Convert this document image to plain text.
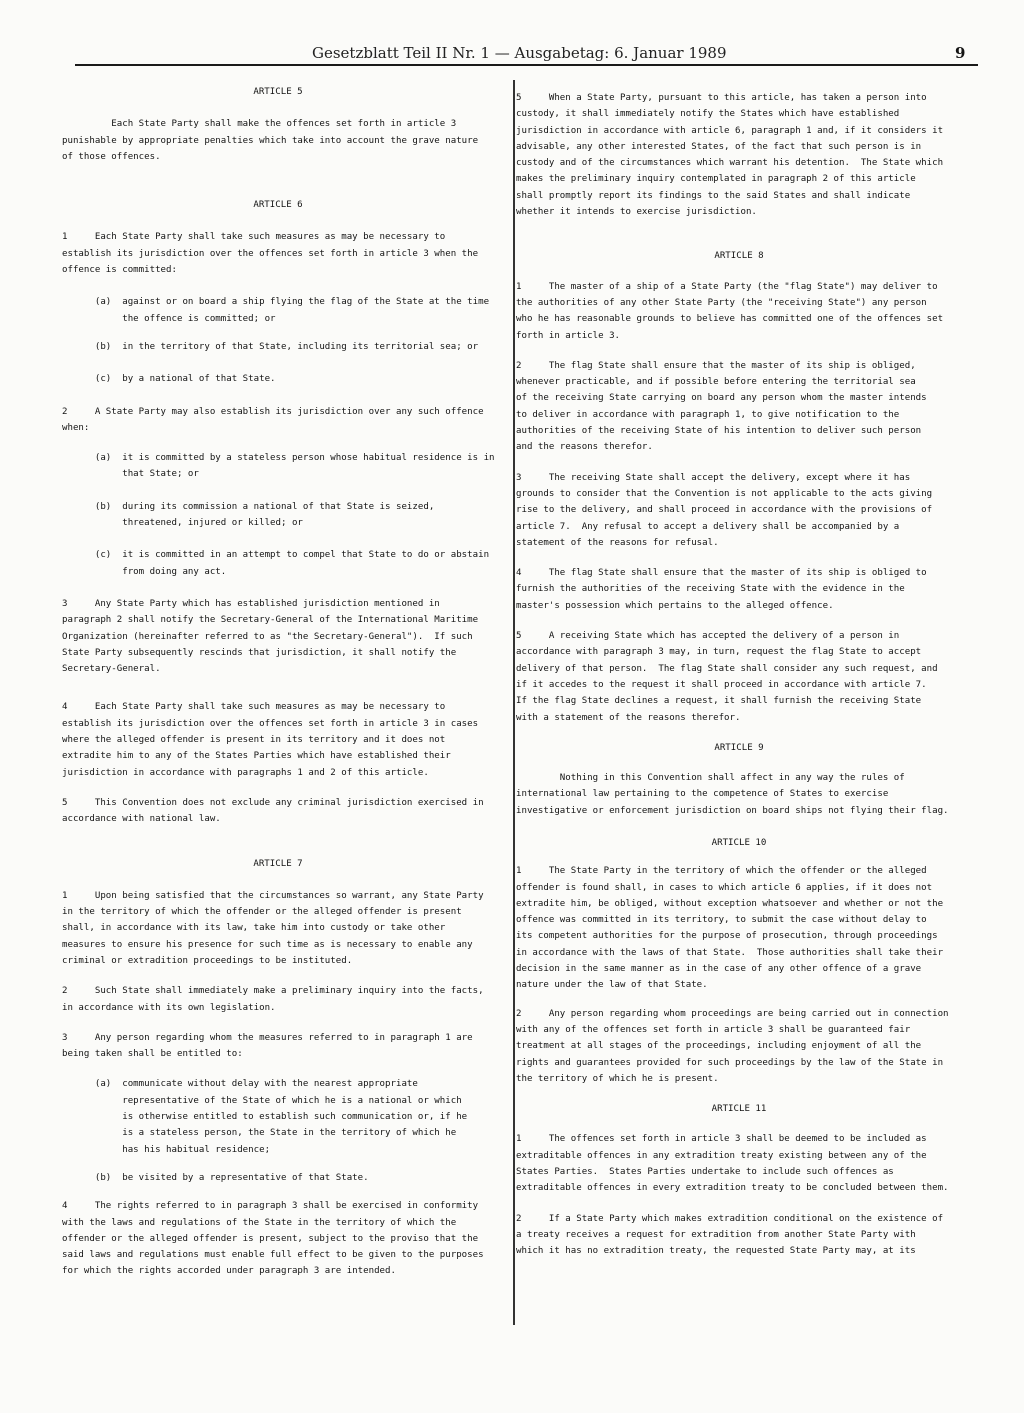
Gesetzblatt Teil II Nr. 1 — Ausgabetag: 6. Januar 1989	9

ARTICLE 5

Each State Party shall make the offences set forth in article 3
punishable by appropriate penalties which take into account the grave nature
of those offences.

ARTICLE 6

1     Each State Party shall take such measures as may be necessary to
establish its jurisdiction over the offences set forth in article 3 when the
offence is committed:

(a)  against or on board a ship flying the flag of the State at the time
the offence is committed; or

(b)  in the territory of that State, including its territorial sea; or

(c)  by a national of that State.

2     A State Party may also establish its jurisdiction over any such offence
when:

(a)  it is committed by a stateless person whose habitual residence is in
that State; or

(b)  during its commission a national of that State is seized,
threatened, injured or killed; or

(c)  it is committed in an attempt to compel that State to do or abstain
from doing any act.

3     Any State Party which has established jurisdiction mentioned in
paragraph 2 shall notify the Secretary-General of the International Maritime
Organization (hereinafter referred to as "the Secretary-General").  If such
State Party subsequently rescinds that jurisdiction, it shall notify the
Secretary-General.

4     Each State Party shall take such measures as may be necessary to
establish its jurisdiction over the offences set forth in article 3 in cases
where the alleged offender is present in its territory and it does not
extradite him to any of the States Parties which have established their
jurisdiction in accordance with paragraphs 1 and 2 of this article.

5     This Convention does not exclude any criminal jurisdiction exercised in
accordance with national law.

ARTICLE 7

1     Upon being satisfied that the circumstances so warrant, any State Party
in the territory of which the offender or the alleged offender is present
shall, in accordance with its law, take him into custody or take other
measures to ensure his presence for such time as is necessary to enable any
criminal or extradition proceedings to be instituted.

2     Such State shall immediately make a preliminary inquiry into the facts,
in accordance with its own legislation.

3     Any person regarding whom the measures referred to in paragraph 1 are
being taken shall be entitled to:

(a)  communicate without delay with the nearest appropriate
representative of the State of which he is a national or which
is otherwise entitled to establish such communication or, if he
is a stateless person, the State in the territory of which he
has his habitual residence;

(b)  be visited by a representative of that State.

4     The rights referred to in paragraph 3 shall be exercised in conformity
with the laws and regulations of the State in the territory of which the
offender or the alleged offender is present, subject to the proviso that the
said laws and regulations must enable full effect to be given to the purposes
for which the rights accorded under paragraph 3 are intended.

5     When a State Party, pursuant to this article, has taken a person into
custody, it shall immediately notify the States which have established
jurisdiction in accordance with article 6, paragraph 1 and, if it considers it
advisable, any other interested States, of the fact that such person is in
custody and of the circumstances which warrant his detention.  The State which
makes the preliminary inquiry contemplated in paragraph 2 of this article
shall promptly report its findings to the said States and shall indicate
whether it intends to exercise jurisdiction.

ARTICLE 8

1     The master of a ship of a State Party (the "flag State") may deliver to
the authorities of any other State Party (the "receiving State") any person
who he has reasonable grounds to believe has committed one of the offences set
forth in article 3.

2     The flag State shall ensure that the master of its ship is obliged,
whenever practicable, and if possible before entering the territorial sea
of the receiving State carrying on board any person whom the master intends
to deliver in accordance with paragraph 1, to give notification to the
authorities of the receiving State of his intention to deliver such person
and the reasons therefor.

3     The receiving State shall accept the delivery, except where it has
grounds to consider that the Convention is not applicable to the acts giving
rise to the delivery, and shall proceed in accordance with the provisions of
article 7.  Any refusal to accept a delivery shall be accompanied by a
statement of the reasons for refusal.

4     The flag State shall ensure that the master of its ship is obliged to
furnish the authorities of the receiving State with the evidence in the
master's possession which pertains to the alleged offence.

5     A receiving State which has accepted the delivery of a person in
accordance with paragraph 3 may, in turn, request the flag State to accept
delivery of that person.  The flag State shall consider any such request, and
if it accedes to the request it shall proceed in accordance with article 7.
If the flag State declines a request, it shall furnish the receiving State
with a statement of the reasons therefor.

ARTICLE 9

Nothing in this Convention shall affect in any way the rules of
international law pertaining to the competence of States to exercise
investigative or enforcement jurisdiction on board ships not flying their flag.

ARTICLE 10

1     The State Party in the territory of which the offender or the alleged
offender is found shall, in cases to which article 6 applies, if it does not
extradite him, be obliged, without exception whatsoever and whether or not the
offence was committed in its territory, to submit the case without delay to
its competent authorities for the purpose of prosecution, through proceedings
in accordance with the laws of that State.  Those authorities shall take their
decision in the same manner as in the case of any other offence of a grave
nature under the law of that State.

2     Any person regarding whom proceedings are being carried out in connection
with any of the offences set forth in article 3 shall be guaranteed fair
treatment at all stages of the proceedings, including enjoyment of all the
rights and guarantees provided for such proceedings by the law of the State in
the territory of which he is present.

ARTICLE 11

1     The offences set forth in article 3 shall be deemed to be included as
extraditable offences in any extradition treaty existing between any of the
States Parties.  States Parties undertake to include such offences as
extraditable offences in every extradition treaty to be concluded between them.

2     If a State Party which makes extradition conditional on the existence of
a treaty receives a request for extradition from another State Party with
which it has no extradition treaty, the requested State Party may, at its
